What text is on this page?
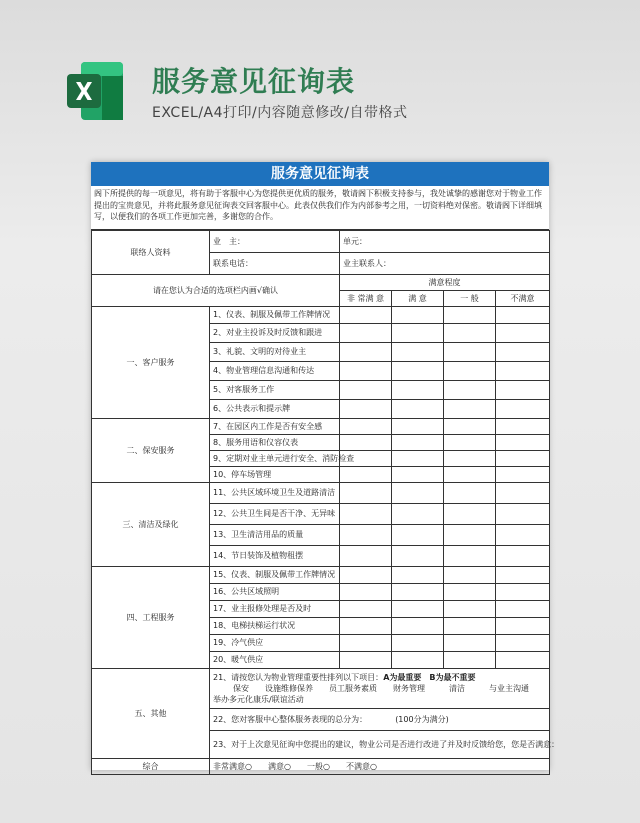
服务意见征询表
EXCEL/A4打印/内容随意修改/自带格式
服务意见征询表
阁下所提供的每一项意见，将有助于客服中心为您提供更优质的服务，敬请阁下积极支持参与，我处诚挚的感谢您对于物业工作提出的宝贵意见，并将此服务意见征询表交回客服中心。此表仅供我们作为内部参考之用，一切资料绝对保密。敬请阁下详细填写，以便我们的各项工作更加完善，多谢您的合作。
联络人资料	业　主：	单元：			
	联系电话：	业主联系人：			
请在您认为合适的选项栏内画√确认		满意程度			
		非 常满 意	满 意	一 般	不满意
一、客户服务	1、仪表、制服及佩带工作牌情况				
	2、对业主投诉及时反馈和跟进				
	3、礼貌、文明的对待业主				
	4、物业管理信息沟通和传达				
	5、对客服务工作				
	6、公共表示和提示牌				
二、保安服务	7、在园区内工作是否有安全感				
	8、服务用语和仪容仪表				
	9、定期对业主单元进行安全、消防检查				
	10、停车场管理				
三、清洁及绿化	11、公共区域环境卫生及道路清洁				
	12、公共卫生间是否干净、无异味				
	13、卫生清洁用品的质量				
	14、节日装饰及植物租摆				
四、工程服务	15、仪表、制服及佩带工作牌情况				
	16、公共区域照明				
	17、业主报修处理是否及时				
	18、电梯扶梯运行状况				
	19、冷气供应				
	20、暖气供应				
五、其他	21、请按您认为物业管理重要性排列以下项目：A为最重要　 B为最不重要
保安　　设施维修保养　　员工服务素质　　财务管理　　　清洁　　　与业主沟通
举办多元化康乐/联谊活动				

	22、您对客服中心整体服务表现的总分为：　　　　 (100分为满分)				
	23、对于上次意见征询中您提出的建议，物业公司是否进行改进了并及时反馈给您，您是否满意：				
综合	非常满意○　　满意○　　一般○　　不满意○				
